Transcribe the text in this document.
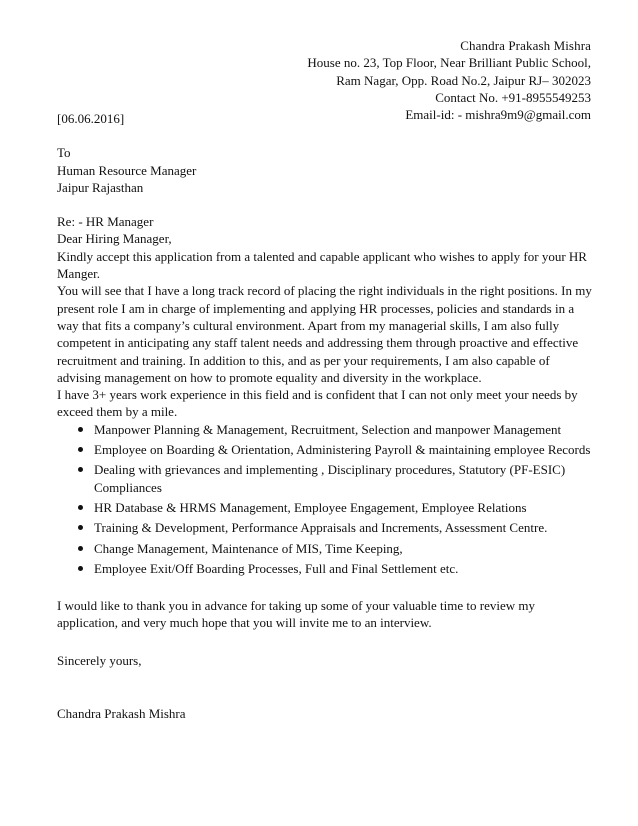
Chandra Prakash Mishra
House no. 23, Top Floor, Near Brilliant Public School,
Ram Nagar, Opp. Road No.2, Jaipur RJ– 302023
Contact No. +91-8955549253
Email-id: - mishra9m9@gmail.com
[06.06.2016]
To
Human Resource Manager
Jaipur Rajasthan
Re: - HR Manager
Dear Hiring Manager,

Kindly accept this application from a talented and capable applicant who wishes to apply for your HR Manger.

You will see that I have a long track record of placing the right individuals in the right positions. In my present role I am in charge of implementing and applying HR processes, policies and standards in a way that fits a company’s cultural environment. Apart from my managerial skills, I am also fully competent in anticipating any staff talent needs and addressing them through proactive and effective recruitment and training. In addition to this, and as per your requirements, I am also capable of advising management on how to promote equality and diversity in the workplace.

I have 3+ years work experience in this field and is confident that I can not only meet your needs by exceed them by a mile.

Manpower Planning & Management, Recruitment, Selection and manpower Management
Employee on Boarding & Orientation, Administering Payroll & maintaining employee Records
Dealing with grievances and implementing , Disciplinary procedures, Statutory (PF-ESIC) Compliances
HR Database & HRMS Management, Employee Engagement, Employee Relations
Training & Development, Performance Appraisals and Increments, Assessment Centre.
Change Management, Maintenance of MIS, Time Keeping,
Employee Exit/Off Boarding Processes, Full and Final Settlement etc.

I would like to thank you in advance for taking up some of your valuable time to review my application, and very much hope that you will invite me to an interview.

Sincerely yours,
Chandra Prakash Mishra
